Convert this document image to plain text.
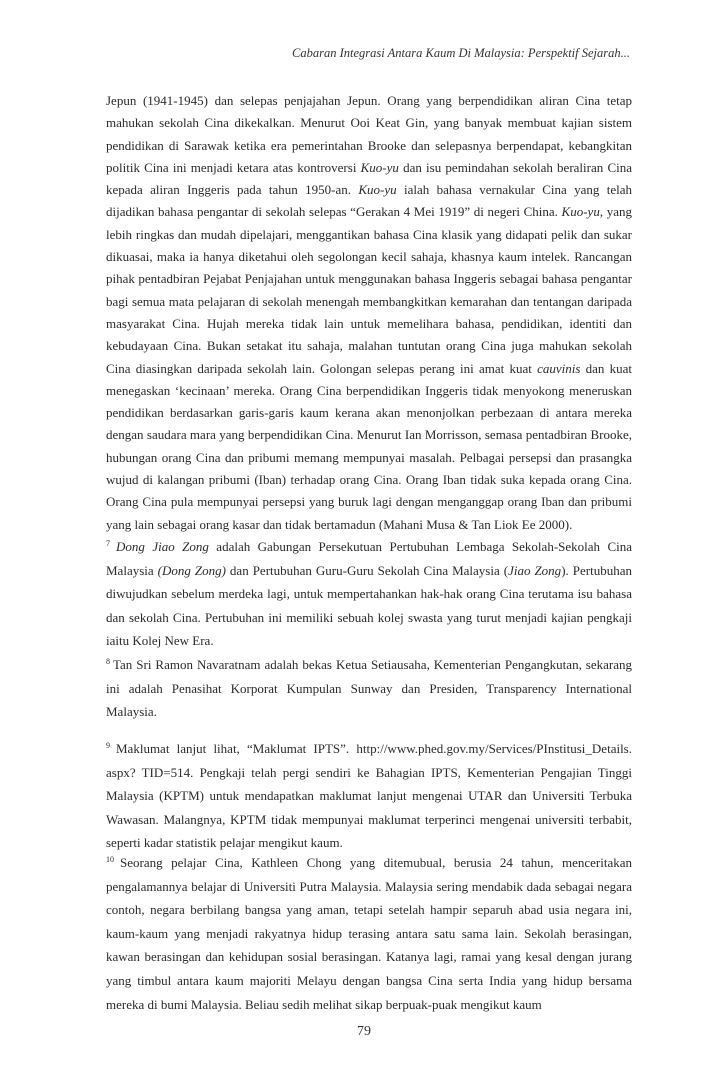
Cabaran Integrasi Antara Kaum Di Malaysia: Perspektif Sejarah...

Jepun (1941-1945) dan selepas penjajahan Jepun. Orang yang berpendidikan aliran Cina tetap mahukan sekolah Cina dikekalkan. Menurut Ooi Keat Gin, yang banyak membuat kajian sistem pendidikan di Sarawak ketika era pemerintahan Brooke dan selepasnya berpendapat, kebangkitan politik Cina ini menjadi ketara atas kontroversi Kuo-yu dan isu pemindahan sekolah beraliran Cina kepada aliran Inggeris pada tahun 1950-an. Kuo-yu ialah bahasa vernakular Cina yang telah dijadikan bahasa pengantar di sekolah selepas “Gerakan 4 Mei 1919” di negeri China. Kuo-yu, yang lebih ringkas dan mudah dipelajari, menggantikan bahasa Cina klasik yang didapati pelik dan sukar dikuasai, maka ia hanya diketahui oleh segolongan kecil sahaja, khasnya kaum intelek. Rancangan pihak pentadbiran Pejabat Penjajahan untuk menggunakan bahasa Inggeris sebagai bahasa pengantar bagi semua mata pelajaran di sekolah menengah membangkitkan kemarahan dan tentangan daripada masyarakat Cina. Hujah mereka tidak lain untuk memelihara bahasa, pendidikan, identiti dan kebudayaan Cina. Bukan setakat itu sahaja, malahan tuntutan orang Cina juga mahukan sekolah Cina diasingkan daripada sekolah lain. Golongan selepas perang ini amat kuat cauvinis dan kuat menegaskan ‘kecinaan’ mereka. Orang Cina berpendidikan Inggeris tidak menyokong meneruskan pendidikan berdasarkan garis-garis kaum kerana akan menonjolkan perbezaan di antara mereka dengan saudara mara yang berpendidikan Cina. Menurut Ian Morrisson, semasa pentadbiran Brooke, hubungan orang Cina dan pribumi memang mempunyai masalah. Pelbagai persepsi dan prasangka wujud di kalangan pribumi (Iban) terhadap orang Cina. Orang Iban tidak suka kepada orang Cina. Orang Cina pula mempunyai persepsi yang buruk lagi dengan menganggap orang Iban dan pribumi yang lain sebagai orang kasar dan tidak bertamadun (Mahani Musa & Tan Liok Ee 2000).

$^7$ Dong Jiao Zong adalah Gabungan Persekutuan Pertubuhan Lembaga Sekolah-Sekolah Cina Malaysia (Dong Zong) dan Pertubuhan Guru-Guru Sekolah Cina Malaysia (Jiao Zong). Pertubuhan diwujudkan sebelum merdeka lagi, untuk mempertahankan hak-hak orang Cina terutama isu bahasa dan sekolah Cina. Pertubuhan ini memiliki sebuah kolej swasta yang turut menjadi kajian pengkaji iaitu Kolej New Era.

$^8$ Tan Sri Ramon Navaratnam adalah bekas Ketua Setiausaha, Kementerian Pengangkutan, sekarang ini adalah Penasihat Korporat Kumpulan Sunway dan Presiden, Transparency International Malaysia.

$^9$ Maklumat lanjut lihat, “Maklumat IPTS”. http://www.phed.gov.my/Services/PInstitusi_Details. aspx? TID=514. Pengkaji telah pergi sendiri ke Bahagian IPTS, Kementerian Pengajian Tinggi Malaysia (KPTM) untuk mendapatkan maklumat lanjut mengenai UTAR dan Universiti Terbuka Wawasan. Malangnya, KPTM tidak mempunyai maklumat terperinci mengenai universiti terbabit, seperti kadar statistik pelajar mengikut kaum.

$^{10}$ Seorang pelajar Cina, Kathleen Chong yang ditemubual, berusia 24 tahun, menceritakan pengalamannya belajar di Universiti Putra Malaysia. Malaysia sering mendabik dada sebagai negara contoh, negara berbilang bangsa yang aman, tetapi setelah hampir separuh abad usia negara ini, kaum-kaum yang menjadi rakyatnya hidup terasing antara satu sama lain. Sekolah berasingan, kawan berasingan dan kehidupan sosial berasingan. Katanya lagi, ramai yang kesal dengan jurang yang timbul antara kaum majoriti Melayu dengan bangsa Cina serta India yang hidup bersama mereka di bumi Malaysia. Beliau sedih melihat sikap berpuak-puak mengikut kaum

79
